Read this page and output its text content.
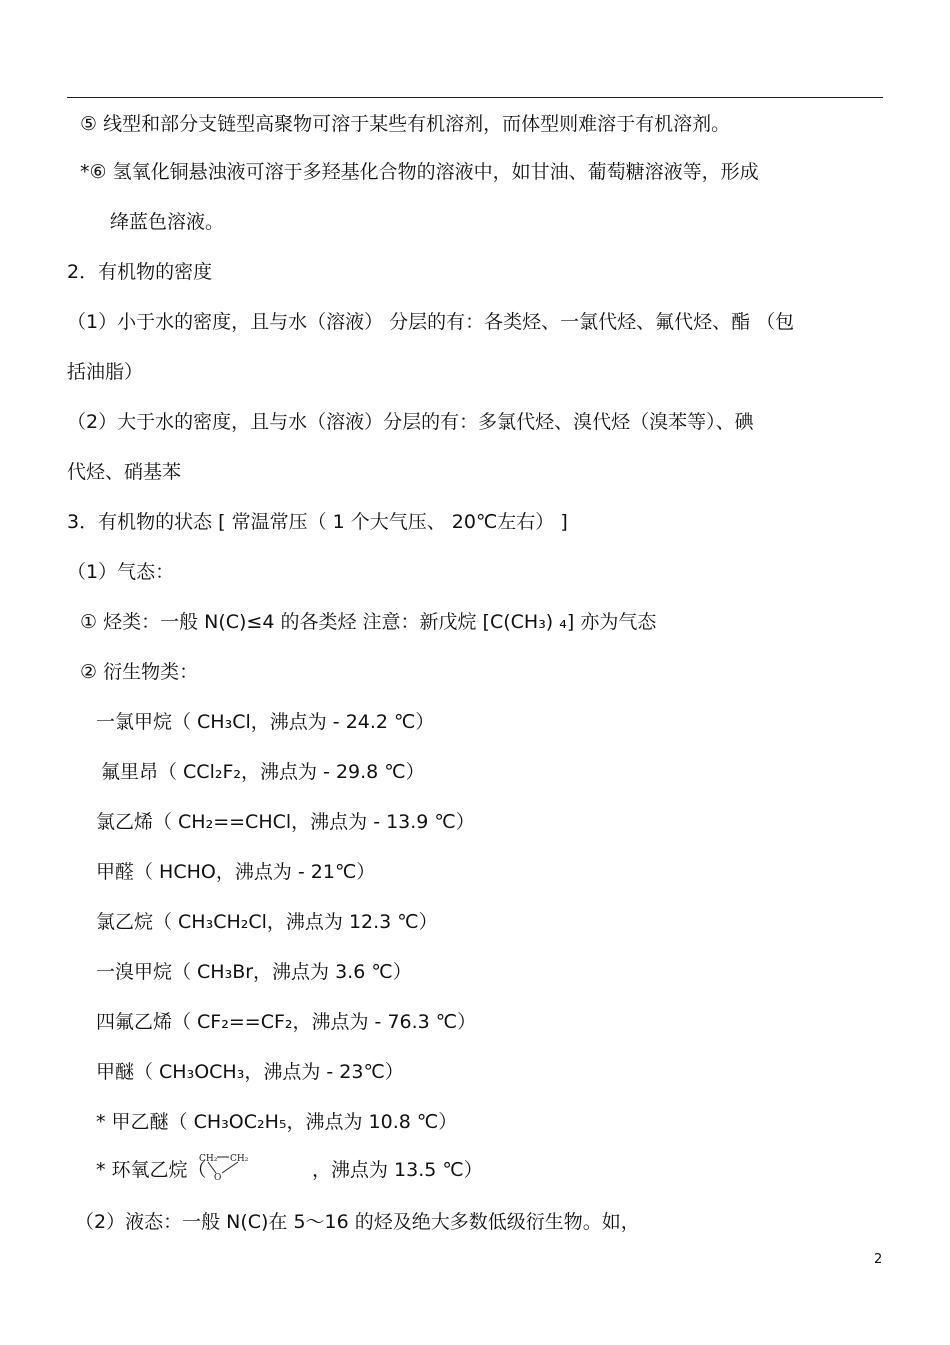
⑤ 线型和部分支链型高聚物可溶于某些有机溶剂，而体型则难溶于有机溶剂。
*⑥ 氢氧化铜悬浊液可溶于多羟基化合物的溶液中，如甘油、葡萄糖溶液等，形成
绛蓝色溶液。
2．有机物的密度
（1）小于水的密度，且与水（溶液） 分层的有：各类烃、一氯代烃、氟代烃、酯 （包
括油脂）
（2）大于水的密度，且与水（溶液）分层的有：多氯代烃、溴代烃（溴苯等）、碘
代烃、硝基苯
3．有机物的状态 [ 常温常压（ 1 个大气压、 20℃左右） ]
（1）气态：
① 烃类：一般 N(C)≤4 的各类烃 注意：新戊烷 [C(CH₃) ₄] 亦为气态
② 衍生物类：
一氯甲烷（ CH₃Cl，沸点为 - 24.2 ℃）
氟里昂（ CCl₂F₂，沸点为 - 29.8 ℃）
氯乙烯（ CH₂==CHCl，沸点为 - 13.9 ℃）
甲醛（ HCHO，沸点为 - 21℃）
氯乙烷（ CH₃CH₂Cl，沸点为 12.3 ℃）
一溴甲烷（ CH₃Br，沸点为 3.6 ℃）
四氟乙烯（ CF₂==CF₂，沸点为 - 76.3 ℃）
甲醚（ CH₃OCH₃，沸点为 - 23℃）
* 甲乙醚（ CH₃OC₂H₅，沸点为 10.8 ℃）
* 环氧乙烷（
CH₂ CH₂
O	，沸点为 13.5 ℃）
（2）液态：一般 N(C)在 5～16 的烃及绝大多数低级衍生物。如，
2
